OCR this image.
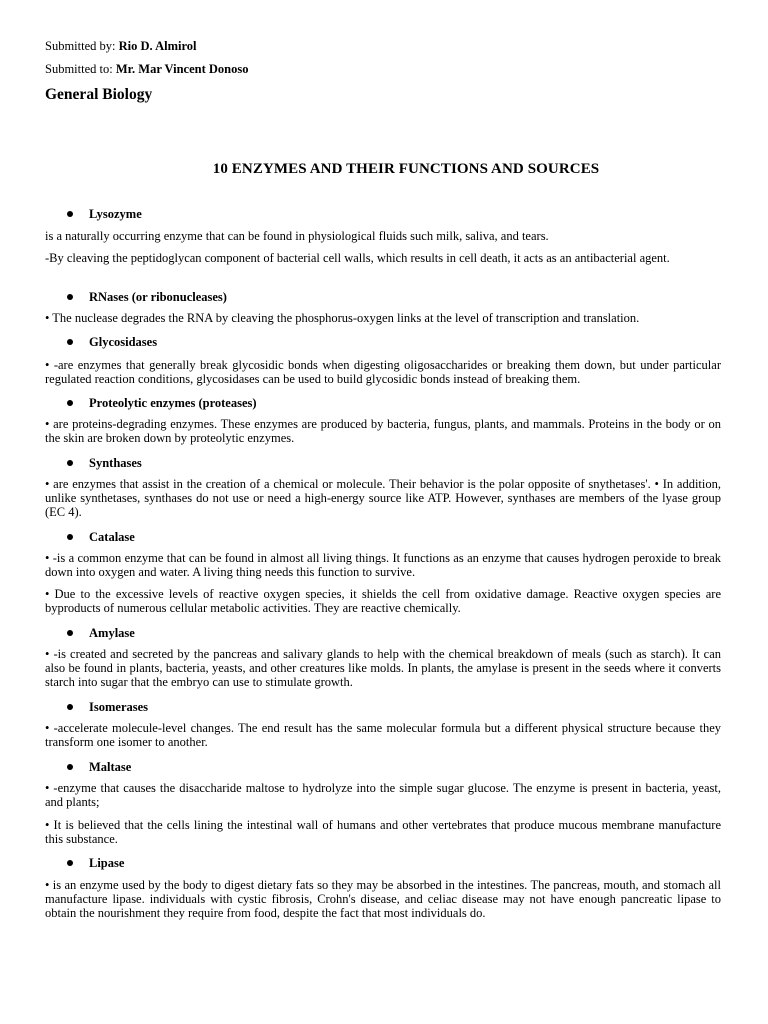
Submitted by: Rio D. Almirol
Submitted to: Mr. Mar Vincent Donoso
General Biology
10 ENZYMES AND THEIR FUNCTIONS AND SOURCES
Lysozyme
is a naturally occurring enzyme that can be found in physiological fluids such milk, saliva, and tears.
-By cleaving the peptidoglycan component of bacterial cell walls, which results in cell death, it acts as an antibacterial agent.
RNases (or ribonucleases)
• The nuclease degrades the RNA by cleaving the phosphorus-oxygen links at the level of transcription and translation.
Glycosidases
• -are enzymes that generally break glycosidic bonds when digesting oligosaccharides or breaking them down, but under particular regulated reaction conditions, glycosidases can be used to build glycosidic bonds instead of breaking them.
Proteolytic enzymes (proteases)
• are proteins-degrading enzymes. These enzymes are produced by bacteria, fungus, plants, and mammals. Proteins in the body or on the skin are broken down by proteolytic enzymes.
Synthases
• are enzymes that assist in the creation of a chemical or molecule. Their behavior is the polar opposite of snythetases'. • In addition, unlike synthetases, synthases do not use or need a high-energy source like ATP. However, synthases are members of the lyase group (EC 4).
Catalase
• -is a common enzyme that can be found in almost all living things. It functions as an enzyme that causes hydrogen peroxide to break down into oxygen and water. A living thing needs this function to survive.
• Due to the excessive levels of reactive oxygen species, it shields the cell from oxidative damage. Reactive oxygen species are byproducts of numerous cellular metabolic activities. They are reactive chemically.
Amylase
• -is created and secreted by the pancreas and salivary glands to help with the chemical breakdown of meals (such as starch). It can also be found in plants, bacteria, yeasts, and other creatures like molds. In plants, the amylase is present in the seeds where it converts starch into sugar that the embryo can use to stimulate growth.
Isomerases
• -accelerate molecule-level changes. The end result has the same molecular formula but a different physical structure because they transform one isomer to another.
Maltase
• -enzyme that causes the disaccharide maltose to hydrolyze into the simple sugar glucose. The enzyme is present in bacteria, yeast, and plants;
• It is believed that the cells lining the intestinal wall of humans and other vertebrates that produce mucous membrane manufacture this substance.
Lipase
• is an enzyme used by the body to digest dietary fats so they may be absorbed in the intestines. The pancreas, mouth, and stomach all manufacture lipase. individuals with cystic fibrosis, Crohn's disease, and celiac disease may not have enough pancreatic lipase to obtain the nourishment they require from food, despite the fact that most individuals do.
